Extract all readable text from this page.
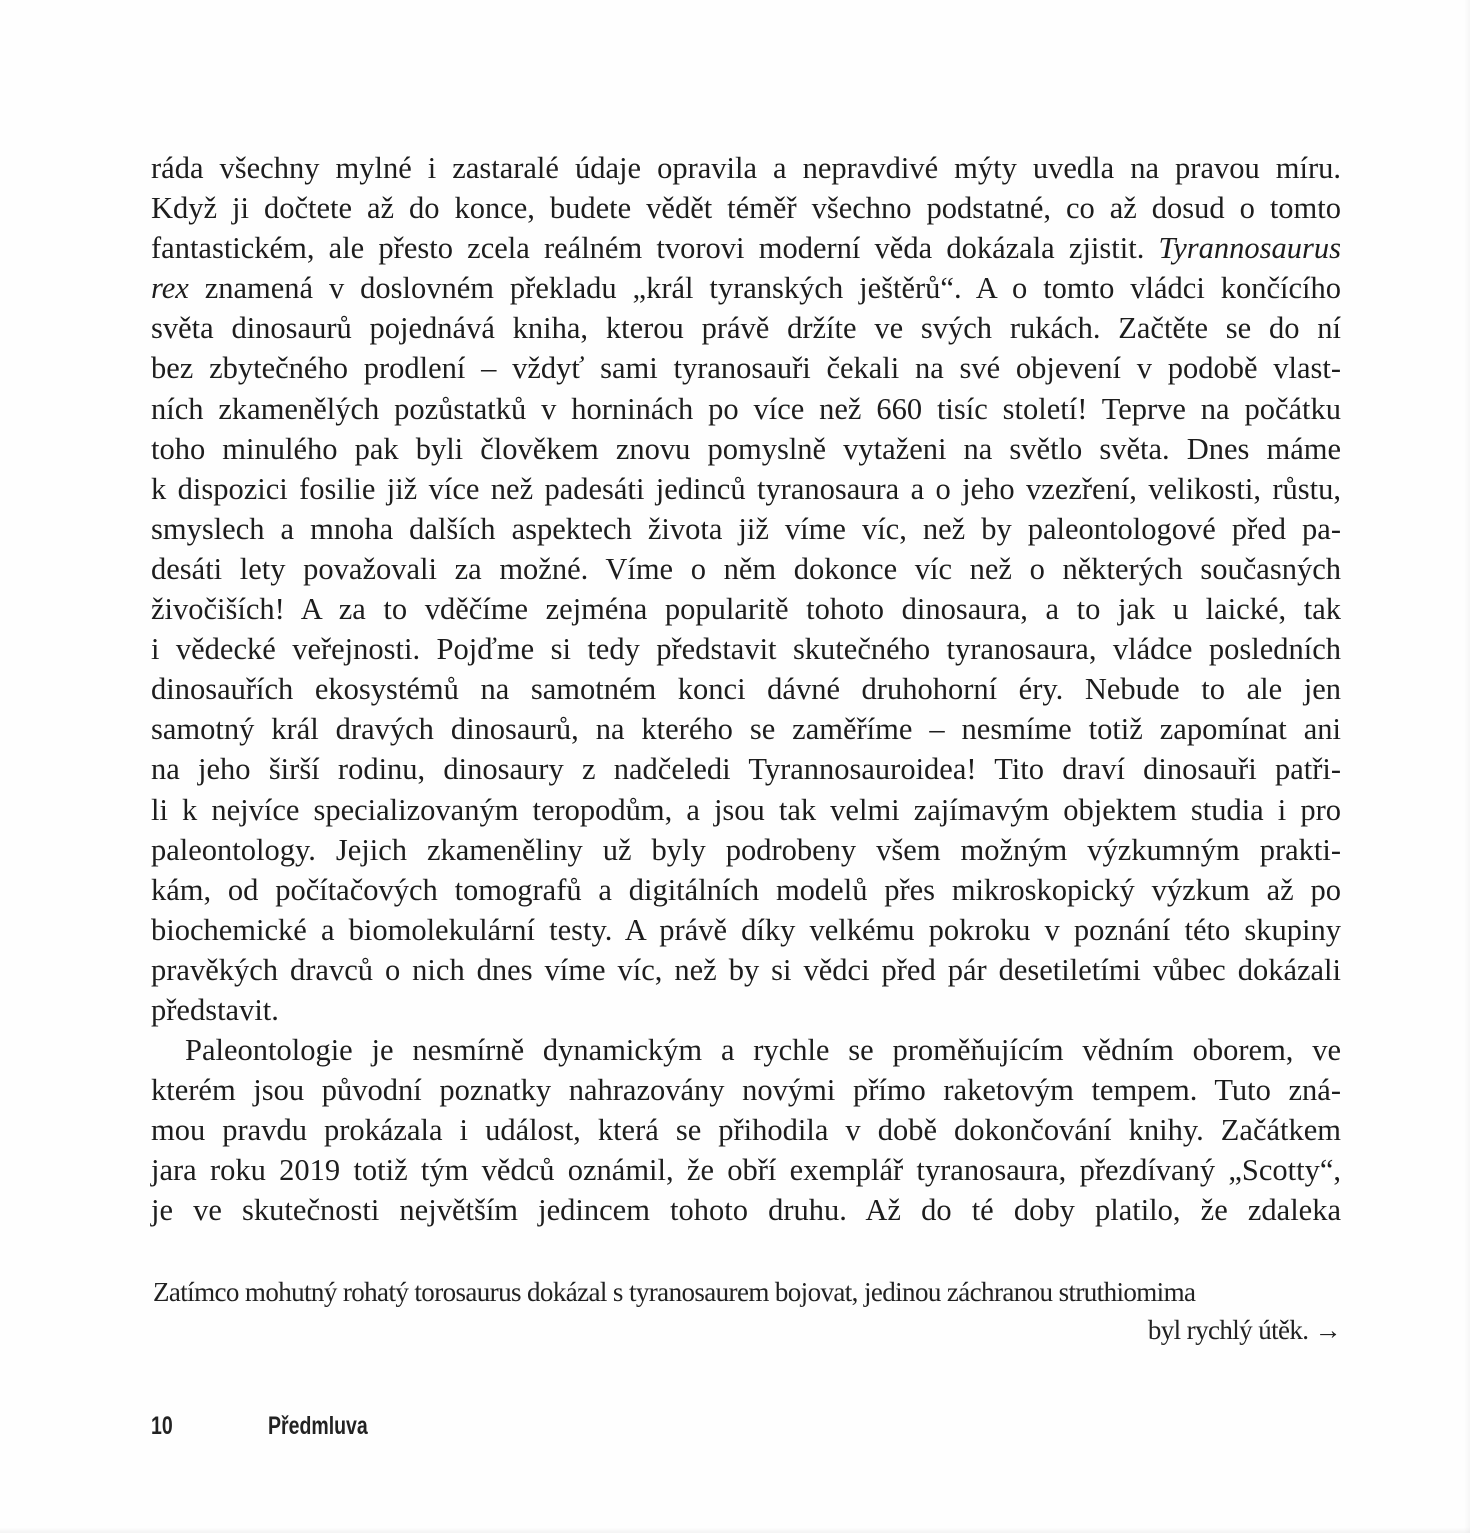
ráda všechny mylné i zastaralé údaje opravila a nepravdivé mýty uvedla na pravou míru.
Když ji dočtete až do konce, budete vědět téměř všechno podstatné, co až dosud o tomto
fantastickém, ale přesto zcela reálném tvorovi moderní věda dokázala zjistit. Tyrannosaurus
rex znamená v doslovném překladu „král tyranských ještěrů“. A o tomto vládci končícího
světa dinosaurů pojednává kniha, kterou právě držíte ve svých rukách. Začtěte se do ní
bez zbytečného prodlení – vždyť sami tyranosauři čekali na své objevení v podobě vlast-
ních zkamenělých pozůstatků v horninách po více než 660 tisíc století! Teprve na počátku
toho minulého pak byli člověkem znovu pomyslně vytaženi na světlo světa. Dnes máme
k dispozici fosilie již více než padesáti jedinců tyranosaura a o jeho vzezření, velikosti, růstu,
smyslech a mnoha dalších aspektech života již víme víc, než by paleontologové před pa-
desáti lety považovali za možné. Víme o něm dokonce víc než o některých současných
živočiších! A za to vděčíme zejména popularitě tohoto dinosaura, a to jak u laické, tak
i vědecké veřejnosti. Pojďme si tedy představit skutečného tyranosaura, vládce posledních
dinosauřích ekosystémů na samotném konci dávné druhohorní éry. Nebude to ale jen
samotný král dravých dinosaurů, na kterého se zaměříme – nesmíme totiž zapomínat ani
na jeho širší rodinu, dinosaury z nadčeledi Tyrannosauroidea! Tito draví dinosauři patři-
li k nejvíce specializovaným teropodům, a jsou tak velmi zajímavým objektem studia i pro
paleontology. Jejich zkameněliny už byly podrobeny všem možným výzkumným prakti-
kám, od počítačových tomografů a digitálních modelů přes mikroskopický výzkum až po
biochemické a biomolekulární testy. A právě díky velkému pokroku v poznání této skupiny
pravěkých dravců o nich dnes víme víc, než by si vědci před pár desetiletími vůbec dokázali
představit.

Paleontologie je nesmírně dynamickým a rychle se proměňujícím vědním oborem, ve
kterém jsou původní poznatky nahrazovány novými přímo raketovým tempem. Tuto zná-
mou pravdu prokázala i událost, která se přihodila v době dokončování knihy. Začátkem
jara roku 2019 totiž tým vědců oznámil, že obří exemplář tyranosaura, přezdívaný „Scotty“,
je ve skutečnosti největším jedincem tohoto druhu. Až do té doby platilo, že zdaleka

Zatímco mohutný rohatý torosaurus dokázal s tyranosaurem bojovat, jedinou záchranou struthiomima
byl rychlý útěk. →
10	Předmluva
